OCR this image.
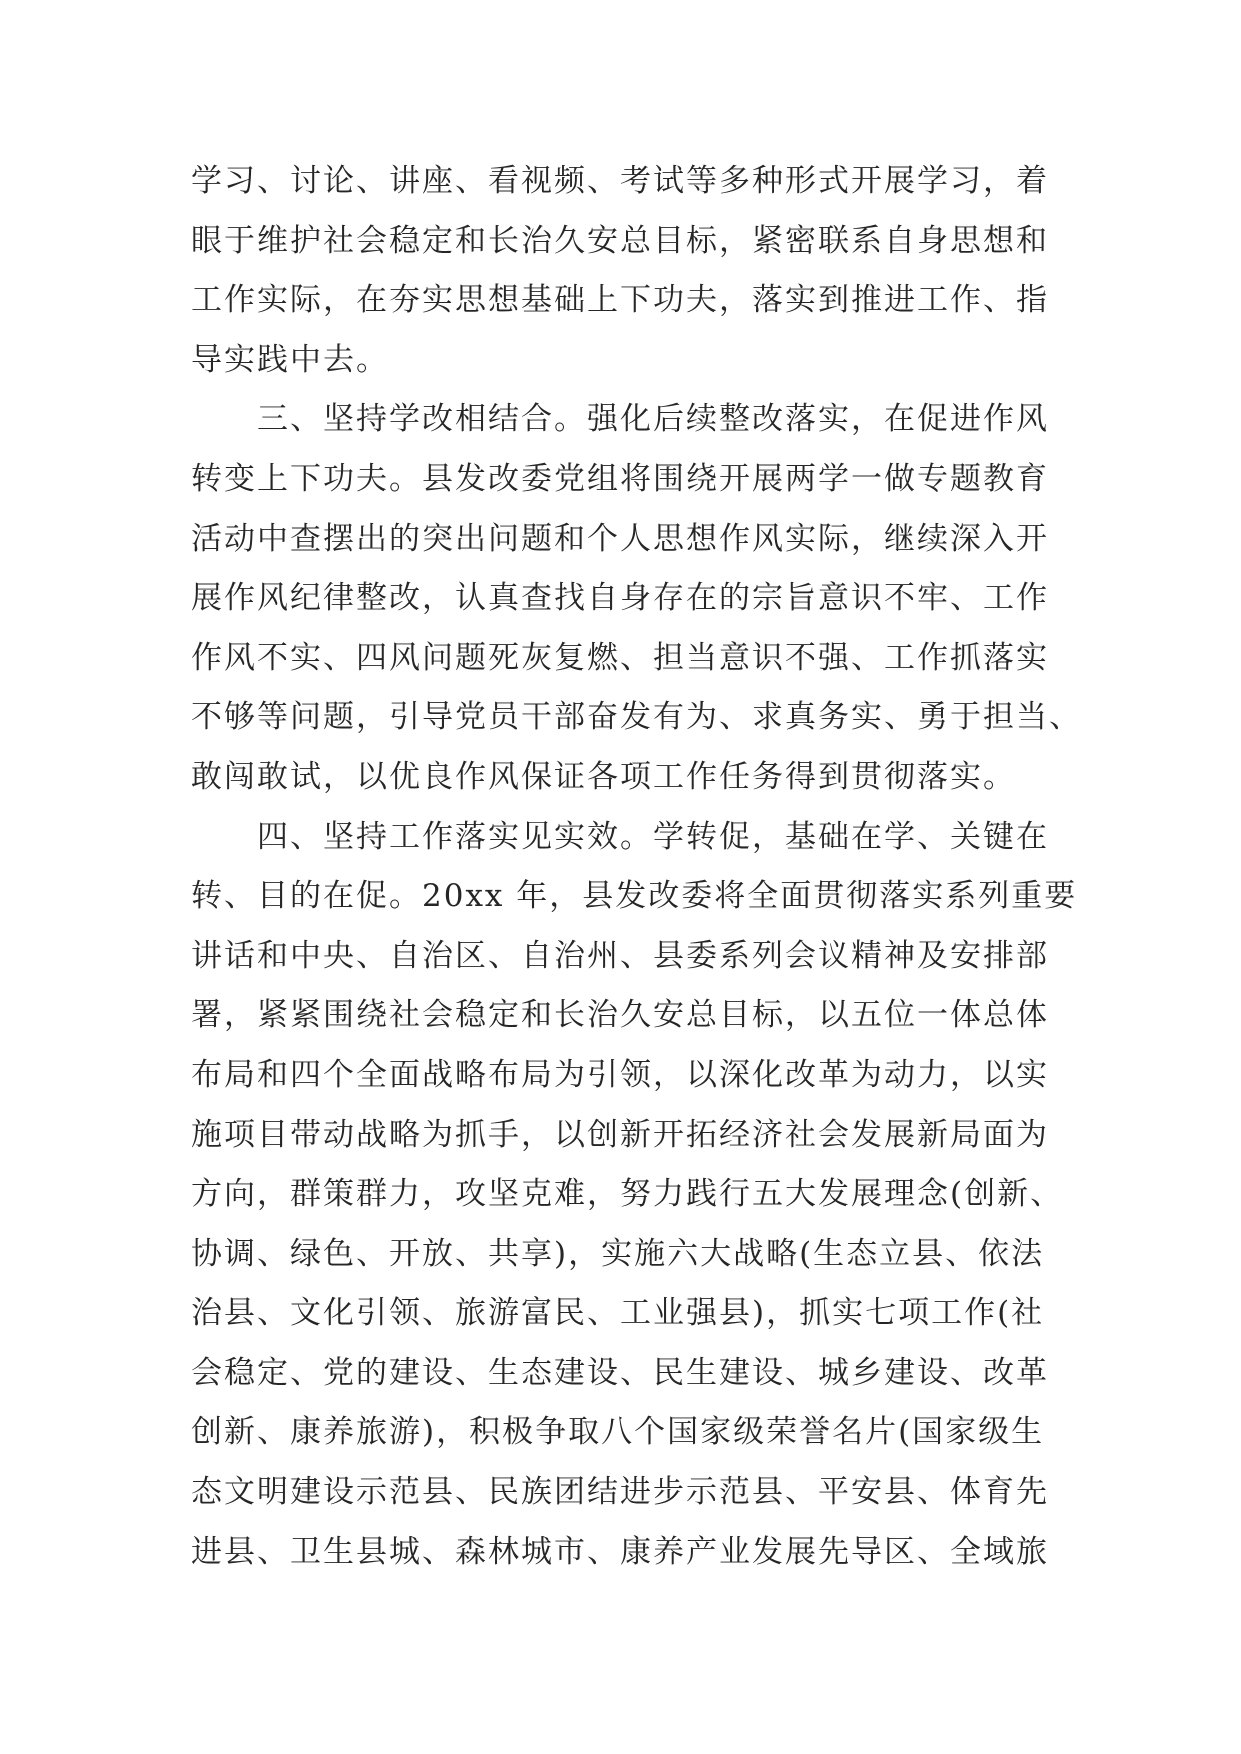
学习、讨论、讲座、看视频、考试等多种形式开展学习，着
眼于维护社会稳定和长治久安总目标，紧密联系自身思想和
工作实际，在夯实思想基础上下功夫，落实到推进工作、指
导实践中去。
三、坚持学改相结合。强化后续整改落实，在促进作风
转变上下功夫。县发改委党组将围绕开展两学一做专题教育
活动中查摆出的突出问题和个人思想作风实际，继续深入开
展作风纪律整改，认真查找自身存在的宗旨意识不牢、工作
作风不实、四风问题死灰复燃、担当意识不强、工作抓落实
不够等问题，引导党员干部奋发有为、求真务实、勇于担当、
敢闯敢试，以优良作风保证各项工作任务得到贯彻落实。
四、坚持工作落实见实效。学转促，基础在学、关键在
转、目的在促。20xx 年，县发改委将全面贯彻落实系列重要
讲话和中央、自治区、自治州、县委系列会议精神及安排部
署，紧紧围绕社会稳定和长治久安总目标，以五位一体总体
布局和四个全面战略布局为引领，以深化改革为动力，以实
施项目带动战略为抓手，以创新开拓经济社会发展新局面为
方向，群策群力，攻坚克难，努力践行五大发展理念(创新、
协调、绿色、开放、共享)，实施六大战略(生态立县、依法
治县、文化引领、旅游富民、工业强县)，抓实七项工作(社
会稳定、党的建设、生态建设、民生建设、城乡建设、改革
创新、康养旅游)，积极争取八个国家级荣誉名片(国家级生
态文明建设示范县、民族团结进步示范县、平安县、体育先
进县、卫生县城、森林城市、康养产业发展先导区、全域旅
